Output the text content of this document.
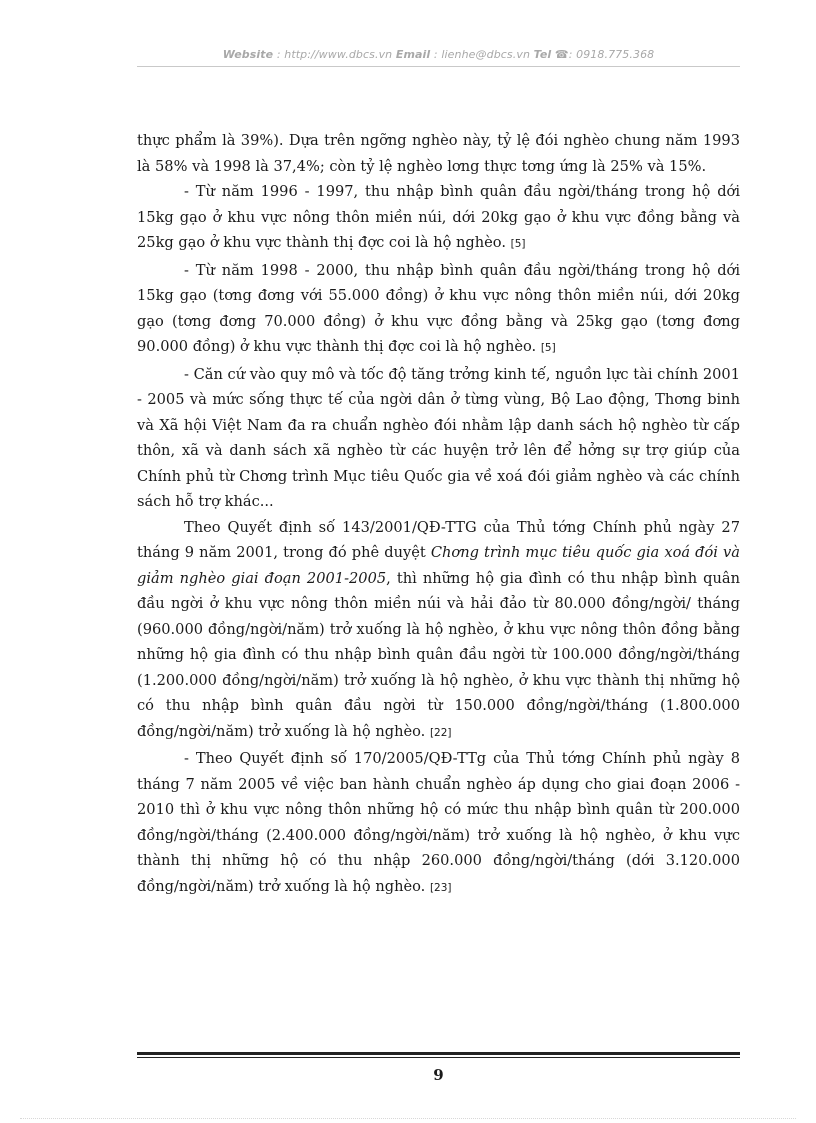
Website : http://www.dbcs.vn Email : lienhe@dbcs.vn Tel ☎: 0918.775.368

thực phẩm là 39%). Dựa trên ngỡng nghèo này, tỷ lệ đói nghèo chung năm 1993 là 58% và 1998 là 37,4%; còn tỷ lệ nghèo lơng thực tơng ứng là 25% và 15%.

- Từ năm 1996 - 1997, thu nhập bình quân đầu ngời/tháng trong hộ dới 15kg gạo ở khu vực nông thôn miền núi, dới 20kg gạo ở khu vực đồng bằng và 25kg gạo ở khu vực thành thị đợc coi là hộ nghèo. [5]

- Từ năm 1998 - 2000, thu nhập bình quân đầu ngời/tháng trong hộ dới 15kg gạo (tơng đơng với 55.000 đồng) ở khu vực nông thôn miền núi, dới 20kg gạo (tơng đơng 70.000 đồng) ở khu vực đồng bằng và 25kg gạo (tơng đơng 90.000 đồng) ở khu vực thành thị đợc coi là hộ nghèo. [5]

- Căn cứ vào quy mô và tốc độ tăng trởng kinh tế, nguồn lực tài chính 2001 - 2005 và mức sống thực tế của ngời dân ở từng vùng, Bộ Lao động, Thơng binh và Xã hội Việt Nam đa ra chuẩn nghèo đói nhằm lập danh sách hộ nghèo từ cấp thôn, xã và danh sách xã nghèo từ các huyện trở lên để hởng sự trợ giúp của Chính phủ từ Chơng trình Mục tiêu Quốc gia về xoá đói giảm nghèo và các chính sách hỗ trợ khác...

Theo Quyết định số 143/2001/QĐ-TTG của Thủ tớng Chính phủ ngày 27 tháng 9 năm 2001, trong đó phê duyệt Chơng trình mục tiêu quốc gia xoá đói và giảm nghèo giai đoạn 2001-2005, thì những hộ gia đình có thu nhập bình quân đầu ngời ở khu vực nông thôn miền núi và hải đảo từ 80.000 đồng/ngời/ tháng (960.000 đồng/ngời/năm) trở xuống là hộ nghèo, ở khu vực nông thôn đồng bằng những hộ gia đình có thu nhập bình quân đầu ngời từ 100.000 đồng/ngời/tháng (1.200.000 đồng/ngời/năm) trở xuống là hộ nghèo, ở khu vực thành thị những hộ có thu nhập bình quân đầu ngời từ 150.000 đồng/ngời/tháng (1.800.000 đồng/ngời/năm) trở xuống là hộ nghèo. [22]

- Theo Quyết định số 170/2005/QĐ-TTg của Thủ tớng Chính phủ ngày 8 tháng 7 năm 2005 về việc ban hành chuẩn nghèo áp dụng cho giai đoạn 2006 - 2010 thì ở khu vực nông thôn những hộ có mức thu nhập bình quân từ 200.000 đồng/ngời/tháng (2.400.000 đồng/ngời/năm) trở xuống là hộ nghèo, ở khu vực thành thị những hộ có thu nhập 260.000 đồng/ngời/tháng (dới 3.120.000 đồng/ngời/năm) trở xuống là hộ nghèo. [23]

9
